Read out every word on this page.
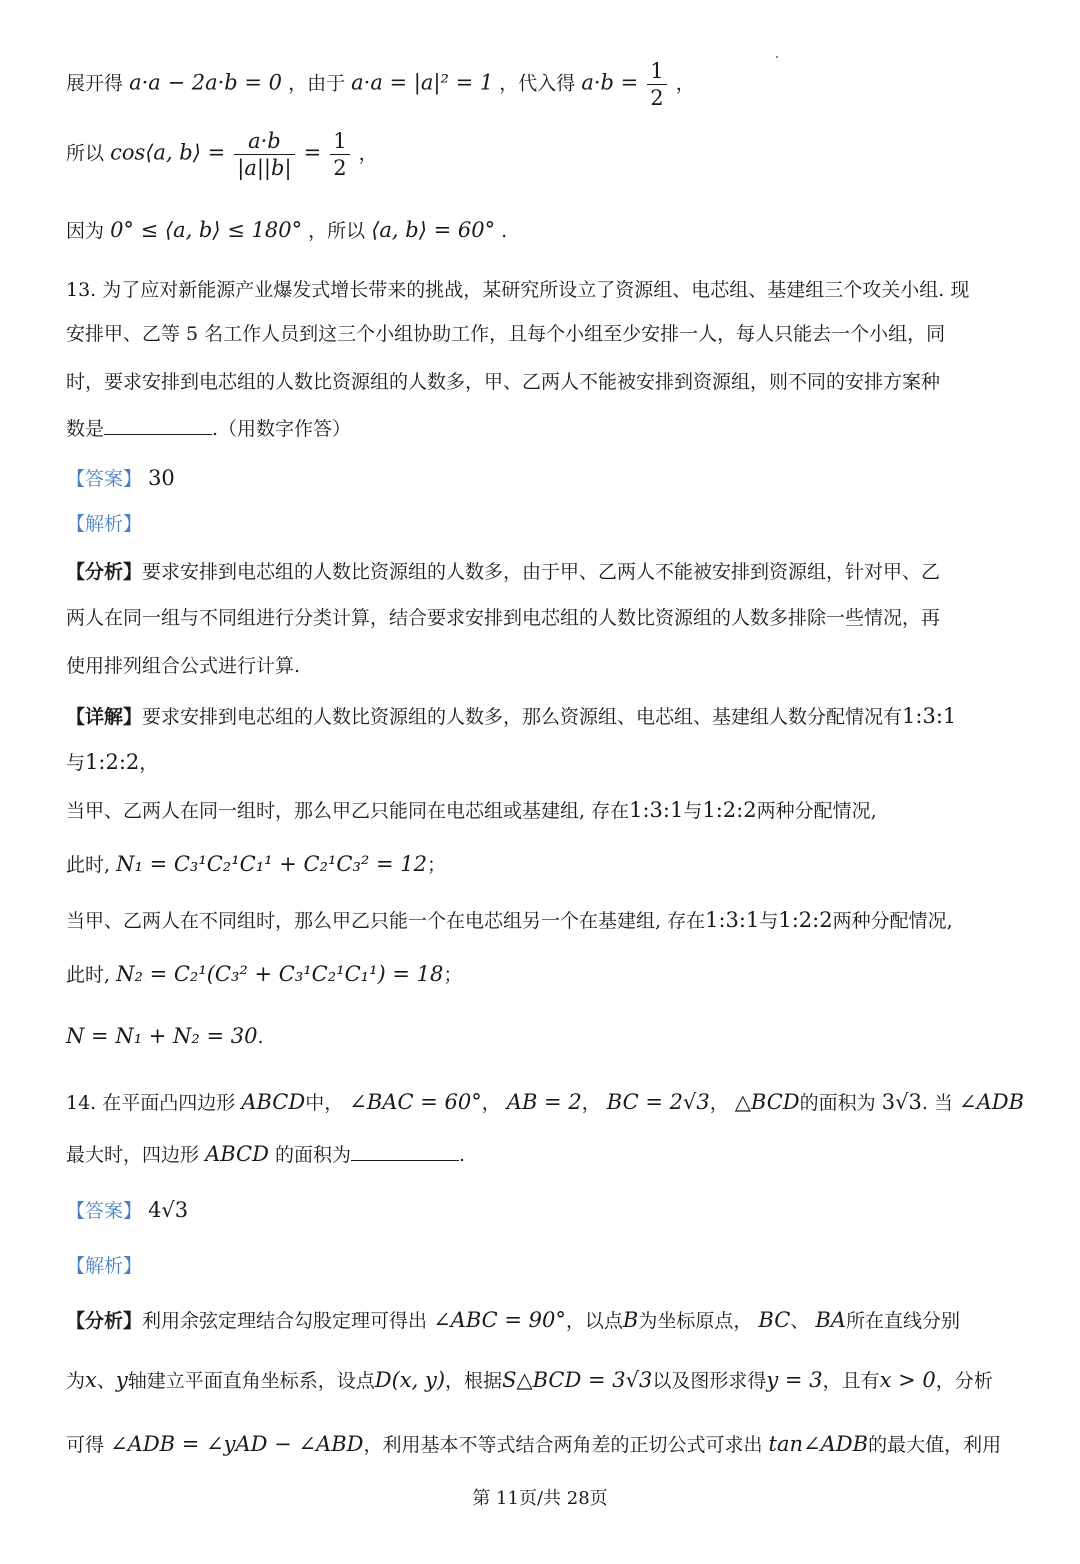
展开得 a·a − 2a·b = 0 ，由于 a·a = |a|² = 1 ，代入得 $a\cdot b = \frac{1}{2}$ ，
所以 cos⟨a, b⟩ = $\frac{a\cdot b}{|a||b|} = \frac{1}{2}$ ，
因为 0° ≤ ⟨a, b⟩ ≤ 180° ，所以 ⟨a, b⟩ = 60° .
13. 为了应对新能源产业爆发式增长带来的挑战，某研究所设立了资源组、电芯组、基建组三个攻关小组. 现
安排甲、乙等 5 名工作人员到这三个小组协助工作，且每个小组至少安排一人，每人只能去一个小组，同
时，要求安排到电芯组的人数比资源组的人数多，甲、乙两人不能被安排到资源组，则不同的安排方案种
数是	.（用数字作答）
【答案】 30
【解析】
【分析】要求安排到电芯组的人数比资源组的人数多，由于甲、乙两人不能被安排到资源组，针对甲、乙
两人在同一组与不同组进行分类计算，结合要求安排到电芯组的人数比资源组的人数多排除一些情况，再
使用排列组合公式进行计算.
【详解】要求安排到电芯组的人数比资源组的人数多，那么资源组、电芯组、基建组人数分配情况有1:3:1
与1:2:2，
当甲、乙两人在同一组时，那么甲乙只能同在电芯组或基建组, 存在1:3:1与1:2:2两种分配情况,
此时, N₁ = C₃¹C₂¹C₁¹ + C₂¹C₃² = 12；
当甲、乙两人在不同组时，那么甲乙只能一个在电芯组另一个在基建组, 存在1:3:1与1:2:2两种分配情况,
此时, N₂ = C₂¹(C₃² + C₃¹C₂¹C₁¹) = 18；
N = N₁ + N₂ = 30.
14. 在平面凸四边形 ABCD中， ∠BAC = 60°， AB = 2， BC = 2√3， △BCD的面积为 3√3. 当 ∠ADB
最大时，四边形 ABCD 的面积为	.
【答案】 4√3
【解析】
【分析】利用余弦定理结合勾股定理可得出 ∠ABC = 90°，以点B为坐标原点， BC、 BA所在直线分别
为x、y轴建立平面直角坐标系，设点D(x, y)，根据S△BCD = 3√3以及图形求得y = 3，且有x > 0，分析
可得 ∠ADB = ∠yAD − ∠ABD，利用基本不等式结合两角差的正切公式可求出 tan∠ADB的最大值，利用
第 11页/共 28页
